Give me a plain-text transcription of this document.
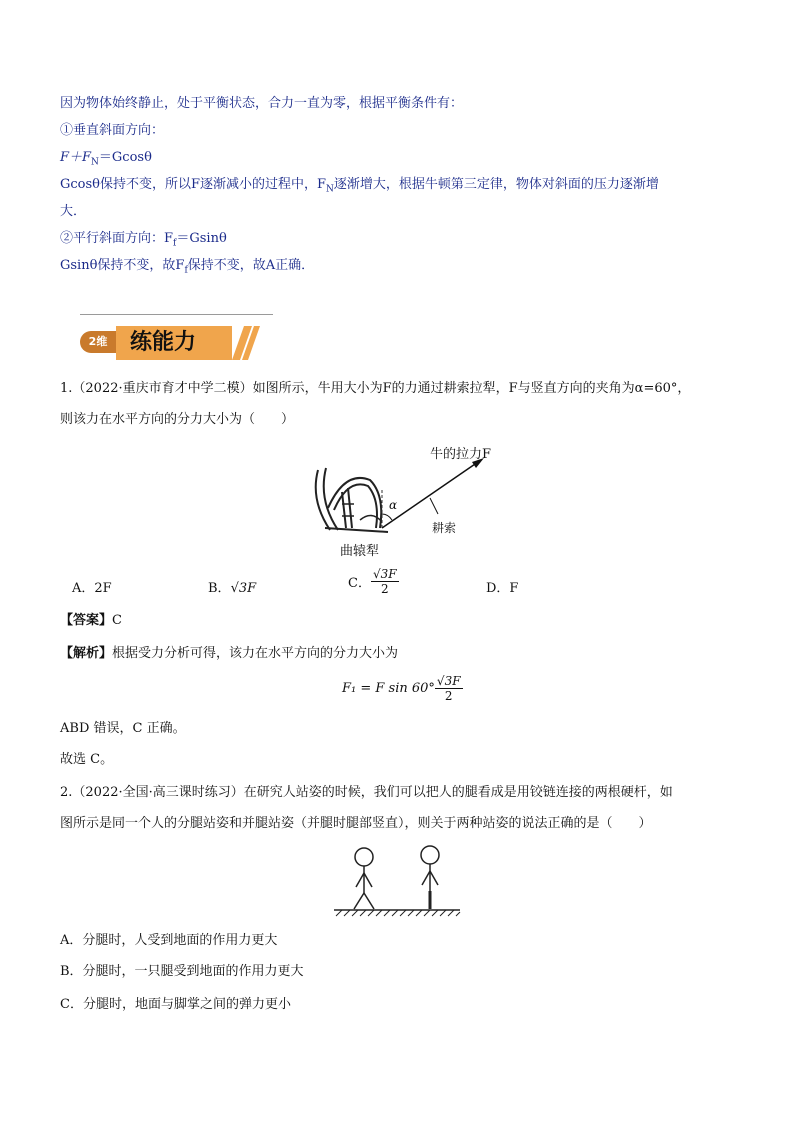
因为物体始终静止，处于平衡状态，合力一直为零，根据平衡条件有：
①垂直斜面方向：
$F+F_N=Gcos\theta$
Gcosθ保持不变，所以F逐渐减小的过程中，$F_N$逐渐增大，根据牛顿第三定律，物体对斜面的压力逐渐增
大．
②平行斜面方向：$F_f=Gsin\theta$
Gsinθ保持不变，故$F_f$保持不变，故A正确．
2维	练能力
1.（2022·重庆市育才中学二模）如图所示，牛用大小为F的力通过耕索拉犁，F与竖直方向的夹角为α=60°，
则该力在水平方向的分力大小为（　　）
牛的拉力F
α
耕索
曲辕犁
A．2F	B．√3F	C． $\frac{√3F}{2}$	D．F
【答案】C
【解析】根据受力分析可得，该力在水平方向的分力大小为
F₁ = F $\sin 60^\circ \frac{√3F}{2}$
ABD 错误，C 正确。
故选 C。
2.（2022·全国·高三课时练习）在研究人站姿的时候，我们可以把人的腿看成是用铰链连接的两根硬杆，如
图所示是同一个人的分腿站姿和并腿站姿（并腿时腿部竖直），则关于两种站姿的说法正确的是（　　）
A．分腿时，人受到地面的作用力更大
B．分腿时，一只腿受到地面的作用力更大
C．分腿时，地面与脚掌之间的弹力更小
